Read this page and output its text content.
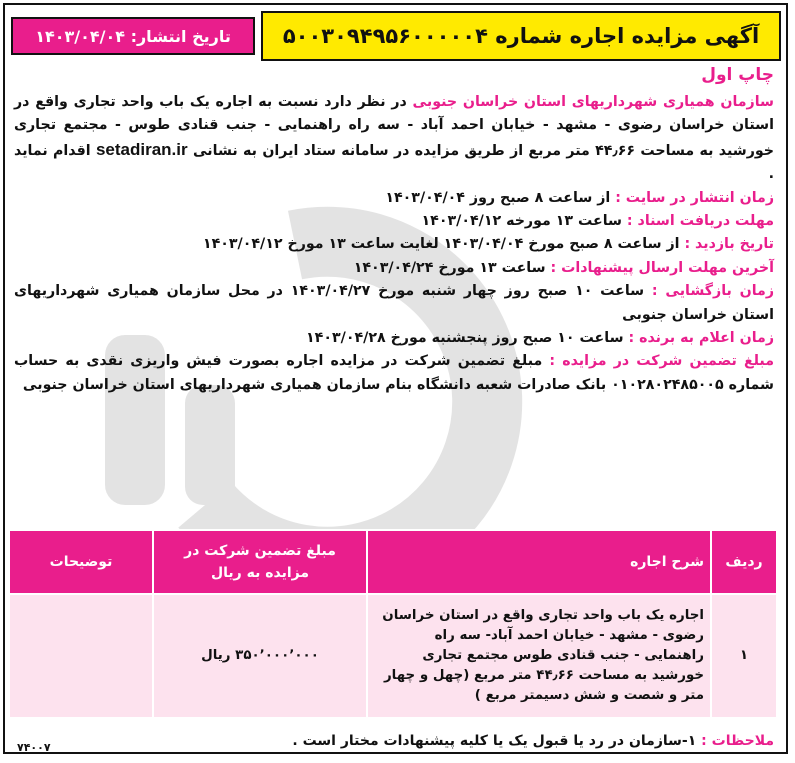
آگهی مزایده اجاره شماره ۵۰۰۳۰۹۴۹۵۶۰۰۰۰۰۴
تاریخ انتشار: ۱۴۰۳/۰۴/۰۴
چاپ اول

سازمان همیاری شهرداریهای استان خراسان جنوبی در نظر دارد نسبت به اجاره یک باب واحد تجاری واقع در استان خراسان رضوی - مشهد - خیابان احمد آباد - سه راه راهنمایی - جنب قنادی طوس - مجتمع تجاری خورشید به مساحت ۴۴٫۶۶ متر مربع از طریق مزایده در سامانه ستاد ایران به نشانی setadiran.ir اقدام نماید .

زمان انتشار در سایت : از ساعت ۸ صبح روز ۱۴۰۳/۰۴/۰۴

مهلت دریافت اسناد : ساعت ۱۳ مورخه ۱۴۰۳/۰۴/۱۲

تاریخ بازدید : از ساعت ۸ صبح مورخ ۱۴۰۳/۰۴/۰۴ لغایت ساعت ۱۳ مورخ ۱۴۰۳/۰۴/۱۲

آخرین مهلت ارسال پیشنهادات : ساعت ۱۳ مورخ ۱۴۰۳/۰۴/۲۴

زمان بازگشایی : ساعت ۱۰ صبح روز چهار شنبه مورخ ۱۴۰۳/۰۴/۲۷ در محل سازمان همیاری شهرداریهای استان خراسان جنوبی

زمان اعلام به برنده : ساعت ۱۰ صبح روز پنجشنبه مورخ ۱۴۰۳/۰۴/۲۸

مبلغ تضمین شرکت در مزایده : مبلغ تضمین شرکت در مزایده اجاره بصورت فیش واریزی نقدی به حساب شماره ۰۱۰۲۸۰۲۴۸۵۰۰۵ بانک صادرات شعبه دانشگاه بنام سازمان همیاری شهرداریهای استان خراسان جنوبی

ردیف	شرح اجاره	مبلغ تضمین شرکت در مزایده به ریال	توضیحات
۱	اجاره یک باب واحد تجاری واقع در استان خراسان رضوی - مشهد - خیابان احمد آباد- سه راه راهنمایی - جنب قنادی طوس مجتمع تجاری خورشید به مساحت ۴۴٫۶۶ متر مربع (چهل و چهار متر و شصت و شش دسیمتر مربع )	۳۵۰٬۰۰۰٬۰۰۰ ریال	
ملاحظات : ۱-سازمان در رد یا قبول یک یا کلیه پیشنهادات مختار است .
۷۴۰۰۷
